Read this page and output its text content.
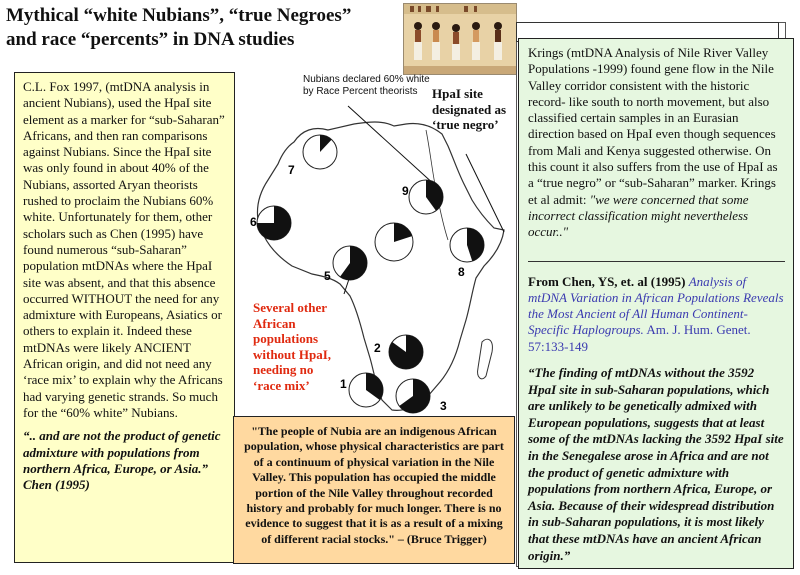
Mythical “white Nubians”, “true Negroes”
and race “percents” in DNA studies

C.L. Fox 1997, (mtDNA analysis in ancient Nubians), used the HpaI site element as a marker for “sub-Saharan” Africans, and then ran comparisons against Nubians. Since the HpaI site was only found in about 40% of the Nubians, assorted Aryan theorists rushed to proclaim the Nubians 60% white. Unfortunately for them, other scholars such as Chen (1995) have found numerous “sub-Saharan” population mtDNAs where the HpaI site was absent, and that this absence occurred WITHOUT the need for any admixture with Europeans, Asiatics or others to explain it. Indeed these mtDNAs were likely ANCIENT African origin, and did not need any ‘race mix’ to explain why the Africans had varying genetic strands. So much for the “60% white” Nubians.

“.. and are not the product of genetic admixture with populations from northern Africa, Europe, or Asia.” Chen (1995)

Krings (mtDNA Analysis of Nile River Valley Populations -1999) found gene flow in the Nile Valley corridor consistent with the historic record- like south to north movement, but also classified certain samples in an Eurasian direction based on HpaI even though sequences from Mali and Kenya suggested otherwise. On this count it also suffers from the use of HpaI as a “true negro” or “sub-Saharan” marker. Krings et al admit: "we were concerned that some incorrect classification might nevertheless occur.."

From Chen, YS, et. al (1995) Analysis of mtDNA Variation in African Populations Reveals the Most Ancient of All Human Continent-Specific Haplogroups. Am. J. Hum. Genet. 57:133-149

“The finding of mtDNAs without the 3592 HpaI site in sub-Saharan populations, which are unlikely to be genetically admixed with European populations, suggests that at least some of the mtDNAs lacking the 3592 HpaI site in the Senegalese arose in Africa and are not the product of genetic admixture with populations from northern Africa, Europe, or Asia. Because of their widespread distribution in sub-Saharan populations, it is most likely that these mtDNAs have an ancient African origin.”

1
2
3
5
6
7
8
9
Nubians declared 60% white by Race Percent theorists	HpaI site designated as ‘true negro’
Several other African populations without HpaI, needing no ‘race mix’
"The people of Nubia are an indigenous African population, whose physical characteristics are part of a continuum of physical variation in the Nile Valley. This population has occupied the middle portion of the Nile Valley throughout recorded history and probably for much longer. There is no evidence to suggest that it is as a result of a mixing of different racial stocks." – (Bruce Trigger)
